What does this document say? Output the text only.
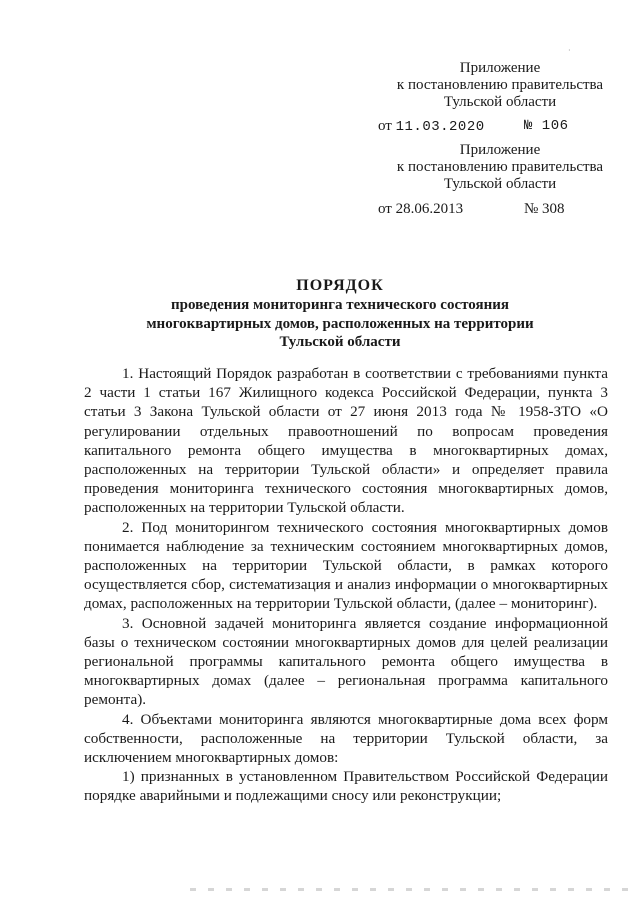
·
Приложение
к постановлению правительства
Тульской области
от 11.03.2020	№ 106
Приложение
к постановлению правительства
Тульской области
от 28.06.2013	№ 308
ПОРЯДОК
проведения мониторинга технического состояния
многоквартирных домов, расположенных на территории
Тульской области

1. Настоящий Порядок разработан в соответствии с требованиями пункта 2 части 1 статьи 167 Жилищного кодекса Российской Федерации, пункта 3 статьи 3 Закона Тульской области от 27 июня 2013 года № 1958-ЗТО «О регулировании отдельных правоотношений по вопросам проведения капитального ремонта общего имущества в многоквартирных домах, расположенных на территории Тульской области» и определяет правила проведения мониторинга технического состояния многоквартирных домов, расположенных на территории Тульской области.

2. Под мониторингом технического состояния многоквартирных домов понимается наблюдение за техническим состоянием многоквартирных домов, расположенных на территории Тульской области, в рамках которого осуществляется сбор, систематизация и анализ информации о многоквартирных домах, расположенных на территории Тульской области, (далее – мониторинг).

3. Основной задачей мониторинга является создание информационной базы о техническом состоянии многоквартирных домов для целей реализации региональной программы капитального ремонта общего имущества в многоквартирных домах (далее – региональная программа капитального ремонта).

4. Объектами мониторинга являются многоквартирные дома всех форм собственности, расположенные на территории Тульской области, за исключением многоквартирных домов:

1) признанных в установленном Правительством Российской Федерации порядке аварийными и подлежащими сносу или реконструкции;
